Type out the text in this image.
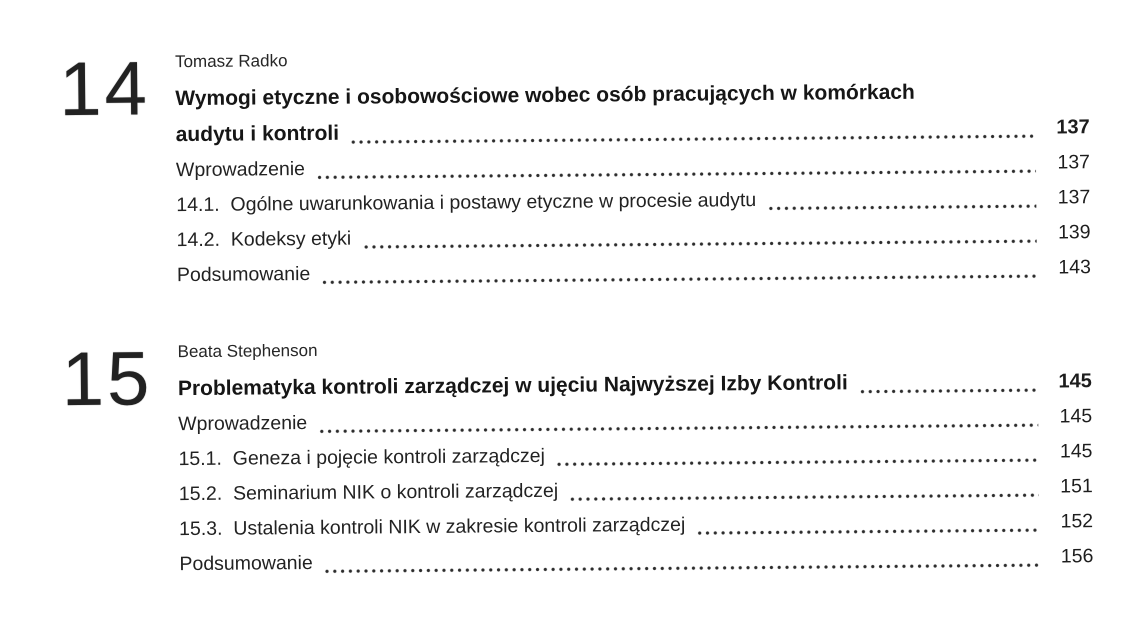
14	Tomasz Radko
Wymogi etyczne i osobowościowe wobec osób pracujących w komórkach
audytu i kontroli	137
Wprowadzenie	137
14.1.  Ogólne uwarunkowania i postawy etyczne w procesie audytu	137
14.2.  Kodeksy etyki	139
Podsumowanie	143
15	Beata Stephenson
Problematyka kontroli zarządczej w ujęciu Najwyższej Izby Kontroli	145
Wprowadzenie	145
15.1.  Geneza i pojęcie kontroli zarządczej	145
15.2.  Seminarium NIK o kontroli zarządczej	151
15.3.  Ustalenia kontroli NIK w zakresie kontroli zarządczej	152
Podsumowanie	156
